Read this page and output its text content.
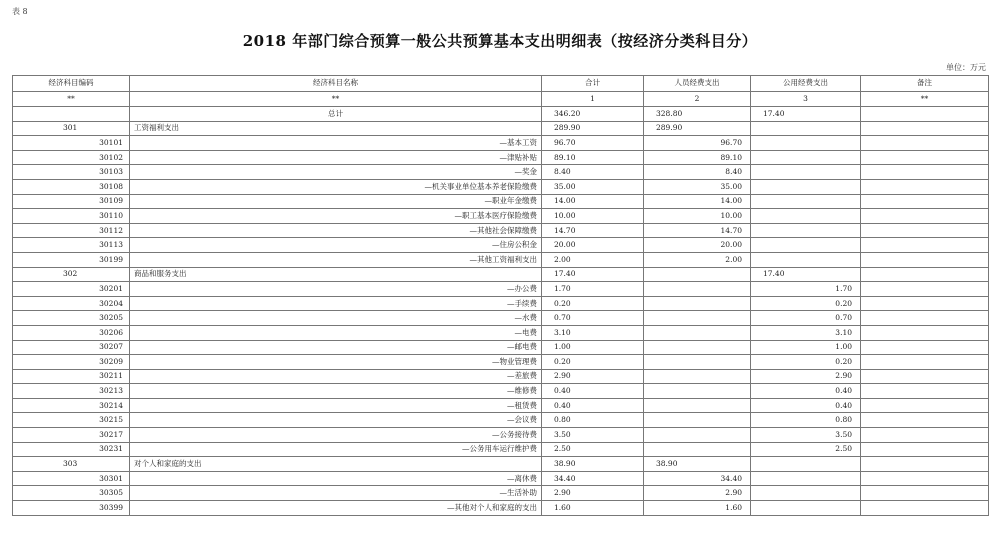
表 8
2018 年部门综合预算一般公共预算基本支出明细表（按经济分类科目分）
单位：万元
经济科目编码	经济科目名称	合计	人员经费支出	公用经费支出	备注
**	**	1	2	3	**
	总计	346.20	328.80	17.40	
301	工资福利支出	289.90	289.90		
30101	—基本工资	96.70	96.70		
30102	—津贴补贴	89.10	89.10		
30103	—奖金	8.40	8.40		
30108	—机关事业单位基本养老保险缴费	35.00	35.00		
30109	—职业年金缴费	14.00	14.00		
30110	—职工基本医疗保险缴费	10.00	10.00		
30112	—其他社会保障缴费	14.70	14.70		
30113	—住房公积金	20.00	20.00		
30199	—其他工资福利支出	2.00	2.00		
302	商品和服务支出	17.40		17.40	
30201	—办公费	1.70		1.70	
30204	—手续费	0.20		0.20	
30205	—水费	0.70		0.70	
30206	—电费	3.10		3.10	
30207	—邮电费	1.00		1.00	
30209	—物业管理费	0.20		0.20	
30211	—差旅费	2.90		2.90	
30213	—维修费	0.40		0.40	
30214	—租赁费	0.40		0.40	
30215	—会议费	0.80		0.80	
30217	—公务接待费	3.50		3.50	
30231	—公务用车运行维护费	2.50		2.50	
303	对个人和家庭的支出	38.90	38.90		
30301	—离休费	34.40	34.40		
30305	—生活补助	2.90	2.90		
30399	—其他对个人和家庭的支出	1.60	1.60		
